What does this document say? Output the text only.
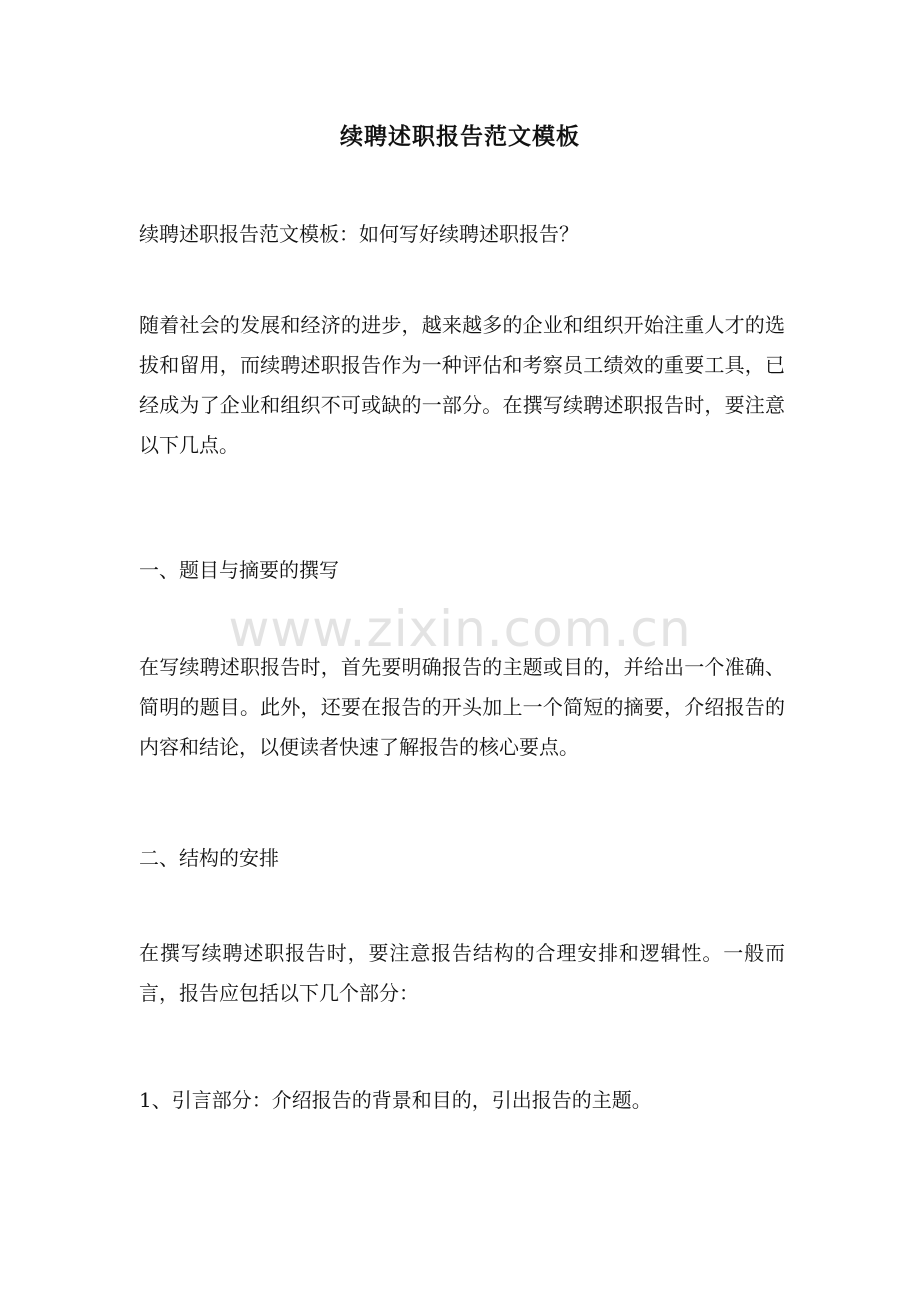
www.zixin.com.cn
续聘述职报告范文模板

续聘述职报告范文模板：如何写好续聘述职报告？

随着社会的发展和经济的进步，越来越多的企业和组织开始注重人才的选拔和留用，而续聘述职报告作为一种评估和考察员工绩效的重要工具，已经成为了企业和组织不可或缺的一部分。在撰写续聘述职报告时，要注意以下几点。

一、题目与摘要的撰写

在写续聘述职报告时，首先要明确报告的主题或目的，并给出一个准确、简明的题目。此外，还要在报告的开头加上一个简短的摘要，介绍报告的内容和结论，以便读者快速了解报告的核心要点。

二、结构的安排

在撰写续聘述职报告时，要注意报告结构的合理安排和逻辑性。一般而言，报告应包括以下几个部分：

1、引言部分：介绍报告的背景和目的，引出报告的主题。
